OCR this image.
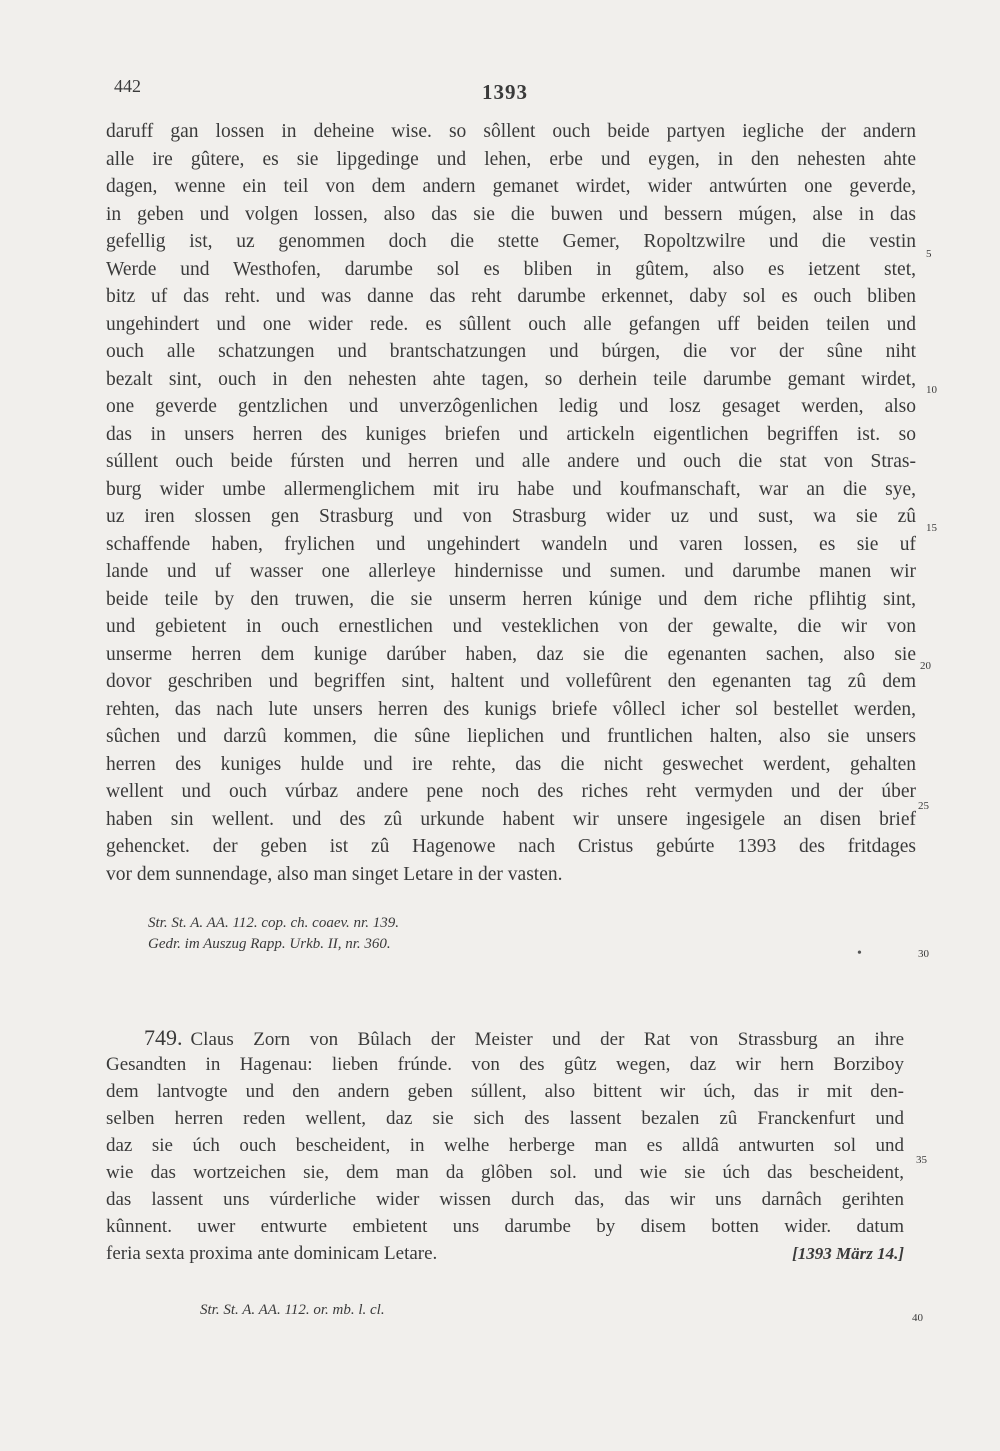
442	1393
daruff gan lossen in deheine wise. so sôllent ouch beide partyen iegliche der andern
alle ire gûtere, es sie lipgedinge und lehen, erbe und eygen, in den nehesten ahte
dagen, wenne ein teil von dem andern gemanet wirdet, wider antwúrten one geverde,
in geben und volgen lossen, also das sie die buwen und bessern múgen, alse in das
gefellig ist, uz genommen doch die stette Gemer, Ropoltzwilre und die vestin
Werde und Westhofen, darumbe sol es bliben in gûtem, also es ietzent stet,
bitz uf das reht. und was danne das reht darumbe erkennet, daby sol es ouch bliben
ungehindert und one wider rede. es sûllent ouch alle gefangen uff beiden teilen und
ouch alle schatzungen und brantschatzungen und búrgen, die vor der sûne niht
bezalt sint, ouch in den nehesten ahte tagen, so derhein teile darumbe gemant wirdet,
one geverde gentzlichen und unverzôgenlichen ledig und losz gesaget werden, also
das in unsers herren des kuniges briefen und artickeln eigentlichen begriffen ist. so
súllent ouch beide fúrsten und herren und alle andere und ouch die stat von Stras-
burg wider umbe allermenglichem mit iru habe und koufmanschaft, war an die sye,
uz iren slossen gen Strasburg und von Strasburg wider uz und sust, wa sie zû
schaffende haben, frylichen und ungehindert wandeln und varen lossen, es sie uf
lande und uf wasser one allerleye hindernisse und sumen. und darumbe manen wir
beide teile by den truwen, die sie unserm herren kúnige und dem riche pflihtig sint,
und gebietent in ouch ernestlichen und vesteklichen von der gewalte, die wir von
unserme herren dem kunige darúber haben, daz sie die egenanten sachen, also sie
dovor geschriben und begriffen sint, haltent und vollefûrent den egenanten tag zû dem
rehten, das nach lute unsers herren des kunigs briefe vôllecl icher sol bestellet werden,
sûchen und darzû kommen, die sûne lieplichen und fruntlichen halten, also sie unsers
herren des kuniges hulde und ire rehte, das die nicht geswechet werdent, gehalten
wellent und ouch vúrbaz andere pene noch des riches reht vermyden und der úber
haben sin wellent. und des zû urkunde habent wir unsere ingesigele an disen brief
gehencket. der geben ist zû Hagenowe nach Cristus gebúrte 1393 des fritdages
vor dem sunnendage, also man singet Letare in der vasten.
Str. St. A. AA. 112. cop. ch. coaev. nr. 139.
Gedr. im Auszug Rapp. Urkb. II, nr. 360.
749. Claus Zorn von Bûlach der Meister und der Rat von Strassburg an ihre
Gesandten in Hagenau: lieben frúnde. von des gûtz wegen, daz wir hern Borziboy
dem lantvogte und den andern geben súllent, also bittent wir úch, das ir mit den-
selben herren reden wellent, daz sie sich des lassent bezalen zû Franckenfurt und
daz sie úch ouch bescheident, in welhe herberge man es alldâ antwurten sol und
wie das wortzeichen sie, dem man da glôben sol. und wie sie úch das bescheident,
das lassent uns vúrderliche wider wissen durch das, das wir uns darnâch gerihten
kûnnent. uwer entwurte embietent uns darumbe by disem botten wider. datum
feria sexta proxima ante dominicam Letare.	[1393 März 14.]
Str. St. A. AA. 112. or. mb. l. cl.
5
10
15
20
25
30
35
40
•
